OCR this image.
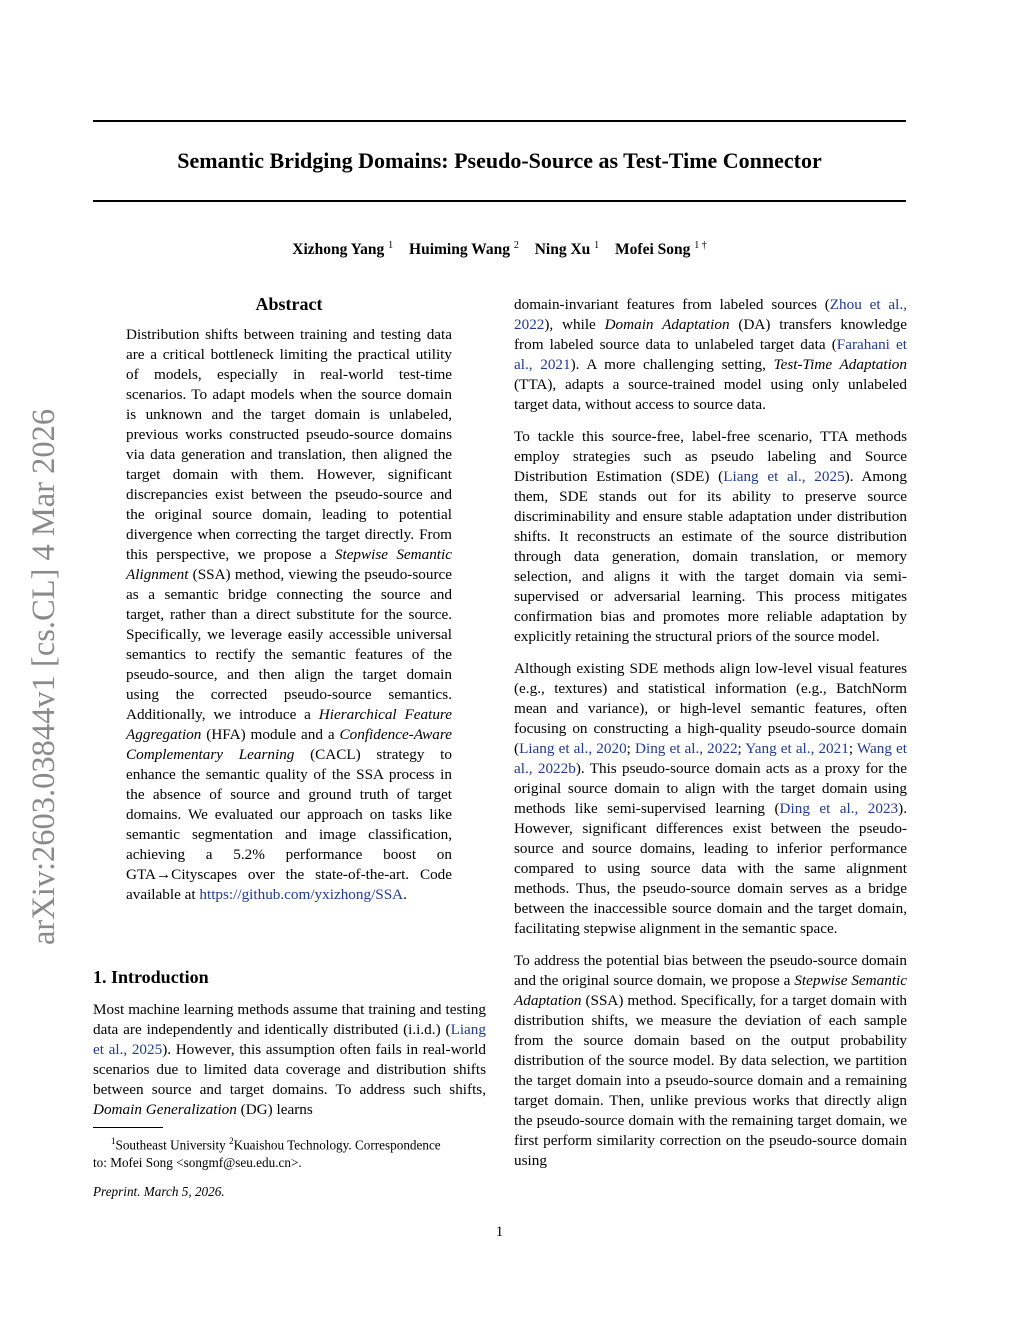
Semantic Bridging Domains: Pseudo-Source as Test-Time Connector
Xizhong Yang $^1$ Huiming Wang $^2$ Ning Xu $^1$ Mofei Song $^{1 \dagger}$
arXiv:2603.03844v1 [cs.CL] 4 Mar 2026
Abstract
Distribution shifts between training and testing data are a critical bottleneck limiting the practical utility of models, especially in real-world test-time scenarios. To adapt models when the source domain is unknown and the target domain is unlabeled, previous works constructed pseudo-source domains via data generation and translation, then aligned the target domain with them. However, significant discrepancies exist between the pseudo-source and the original source domain, leading to potential divergence when correcting the target directly. From this perspective, we propose a Stepwise Semantic Alignment (SSA) method, viewing the pseudo-source as a semantic bridge connecting the source and target, rather than a direct substitute for the source. Specifically, we leverage easily accessible universal semantics to rectify the semantic features of the pseudo-source, and then align the target domain using the corrected pseudo-source semantics. Additionally, we introduce a Hierarchical Feature Aggregation (HFA) module and a Confidence-Aware Complementary Learning (CACL) strategy to enhance the semantic quality of the SSA process in the absence of source and ground truth of target domains. We evaluated our approach on tasks like semantic segmentation and image classification, achieving a 5.2% performance boost on GTA→Cityscapes over the state-of-the-art. Code available at https://github.com/yxizhong/SSA.
1. Introduction
Most machine learning methods assume that training and testing data are independently and identically distributed (i.i.d.) (Liang et al., 2025). However, this assumption often fails in real-world scenarios due to limited data coverage and distribution shifts between source and target domains. To address such shifts, Domain Generalization (DG) learns
$^1$Southeast University $^2$Kuaishou Technology. Correspondence
to: Mofei Song <songmf@seu.edu.cn>.
Preprint. March 5, 2026.

domain-invariant features from labeled sources (Zhou et al., 2022), while Domain Adaptation (DA) transfers knowledge from labeled source data to unlabeled target data (Farahani et al., 2021). A more challenging setting, Test-Time Adaptation (TTA), adapts a source-trained model using only unlabeled target data, without access to source data.

To tackle this source-free, label-free scenario, TTA methods employ strategies such as pseudo labeling and Source Distribution Estimation (SDE) (Liang et al., 2025). Among them, SDE stands out for its ability to preserve source discriminability and ensure stable adaptation under distribution shifts. It reconstructs an estimate of the source distribution through data generation, domain translation, or memory selection, and aligns it with the target domain via semi-supervised or adversarial learning. This process mitigates confirmation bias and promotes more reliable adaptation by explicitly retaining the structural priors of the source model.

Although existing SDE methods align low-level visual features (e.g., textures) and statistical information (e.g., BatchNorm mean and variance), or high-level semantic features, often focusing on constructing a high-quality pseudo-source domain (Liang et al., 2020; Ding et al., 2022; Yang et al., 2021; Wang et al., 2022b). This pseudo-source domain acts as a proxy for the original source domain to align with the target domain using methods like semi-supervised learning (Ding et al., 2023). However, significant differences exist between the pseudo-source and source domains, leading to inferior performance compared to using source data with the same alignment methods. Thus, the pseudo-source domain serves as a bridge between the inaccessible source domain and the target domain, facilitating stepwise alignment in the semantic space.

To address the potential bias between the pseudo-source domain and the original source domain, we propose a Stepwise Semantic Adaptation (SSA) method. Specifically, for a target domain with distribution shifts, we measure the deviation of each sample from the source domain based on the output probability distribution of the source model. By data selection, we partition the target domain into a pseudo-source domain and a remaining target domain. Then, unlike previous works that directly align the pseudo-source domain with the remaining target domain, we first perform similarity correction on the pseudo-source domain using

1
